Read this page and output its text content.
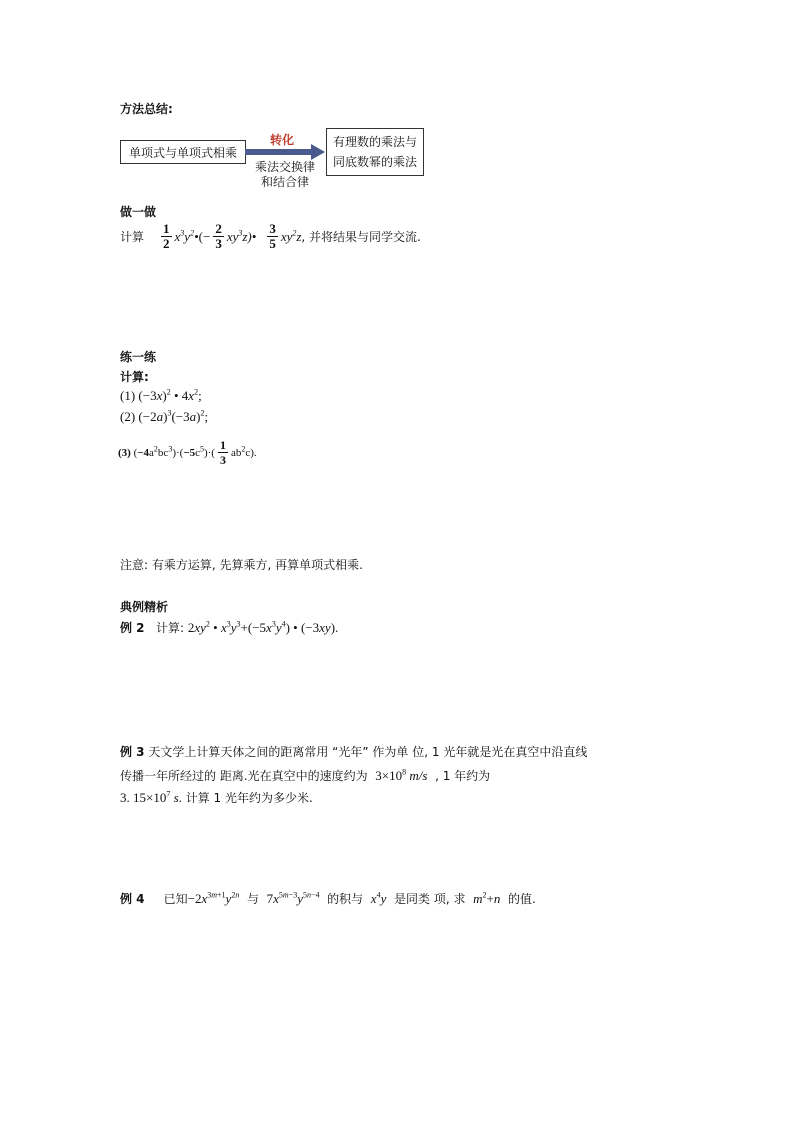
方法总结:
单项式与单项式相乘
转化
乘法交换律
和结合律
有理数的乘法与
同底数幂的乘法
做一做
计算 $\frac{1}{2}$ $x^3y^2•$ (− $\frac{2}{3}$ $xy^3z)• \frac{3}{5} xy^2z$ , 并将结果与同学交流.
练一练
计算:
(1) $(-3x)^2$ • $4x^2$;
(2) $(-2a)^3(-3a)^2$;
(3) $(-4a^2bc^3)\cdot(-5c^5)\cdot( \frac{1}{3} ab^2c)$.
注意: 有乘方运算, 先算乘方, 再算单项式相乘.
典例精析
例 2 计算: $2xy^2$ • $x^3y^3+(-5x^3y^4)$ • (−3xy).
例 3 天文学上计算天体之间的距离常用 “光年” 作为单 位, 1 光年就是光在真空中沿直线
传播一年所经过的 距离.光在真空中的速度约为 $3\times 10^8$ m/s , 1 年约为
3. $15\times 10^7$ s. 计算 1 光年约为多少米.
例 4 已知$-2x^{3m+1}y^{2n}$ 与 $7x^{5m-3}y^{5n-4}$ 的积与 $x^4y$ 是同类 项, 求 $m^2+n$ 的值.
